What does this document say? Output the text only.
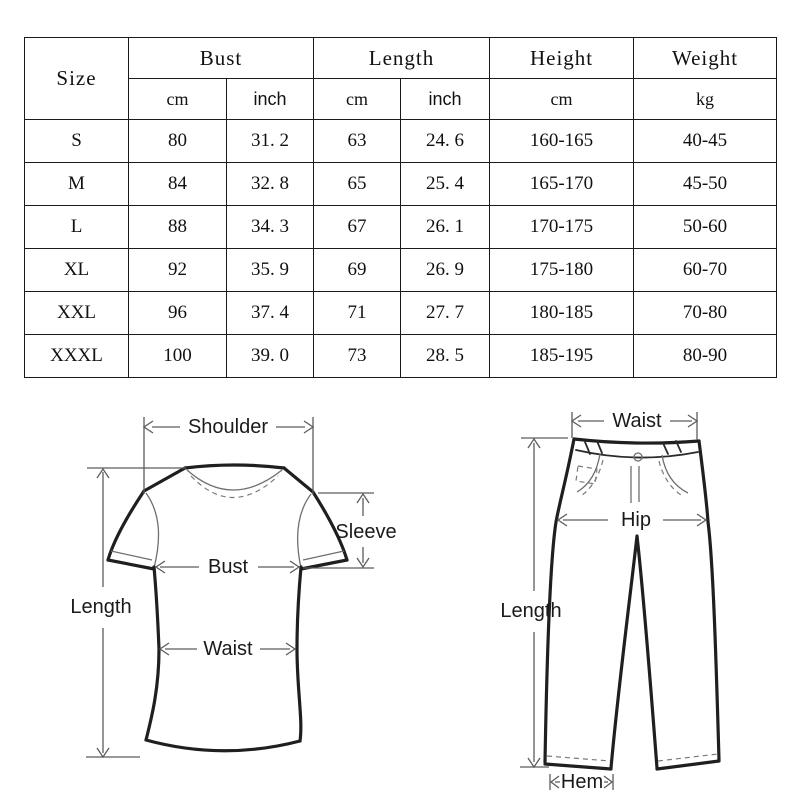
Size	Bust		Length		Height	Weight
	cm	inch	cm	inch	cm	kg
S	80	31. 2	63	24. 6	160-165	40-45
M	84	32. 8	65	25. 4	165-170	45-50
L	88	34. 3	67	26. 1	170-175	50-60
XL	92	35. 9	69	26. 9	175-180	60-70
XXL	96	37. 4	71	27. 7	180-185	70-80
XXXL	100	39. 0	73	28. 5	185-195	80-90
Shoulder
Length
Sleeve
Bust
Waist
Waist
Hip
Length
Hem
